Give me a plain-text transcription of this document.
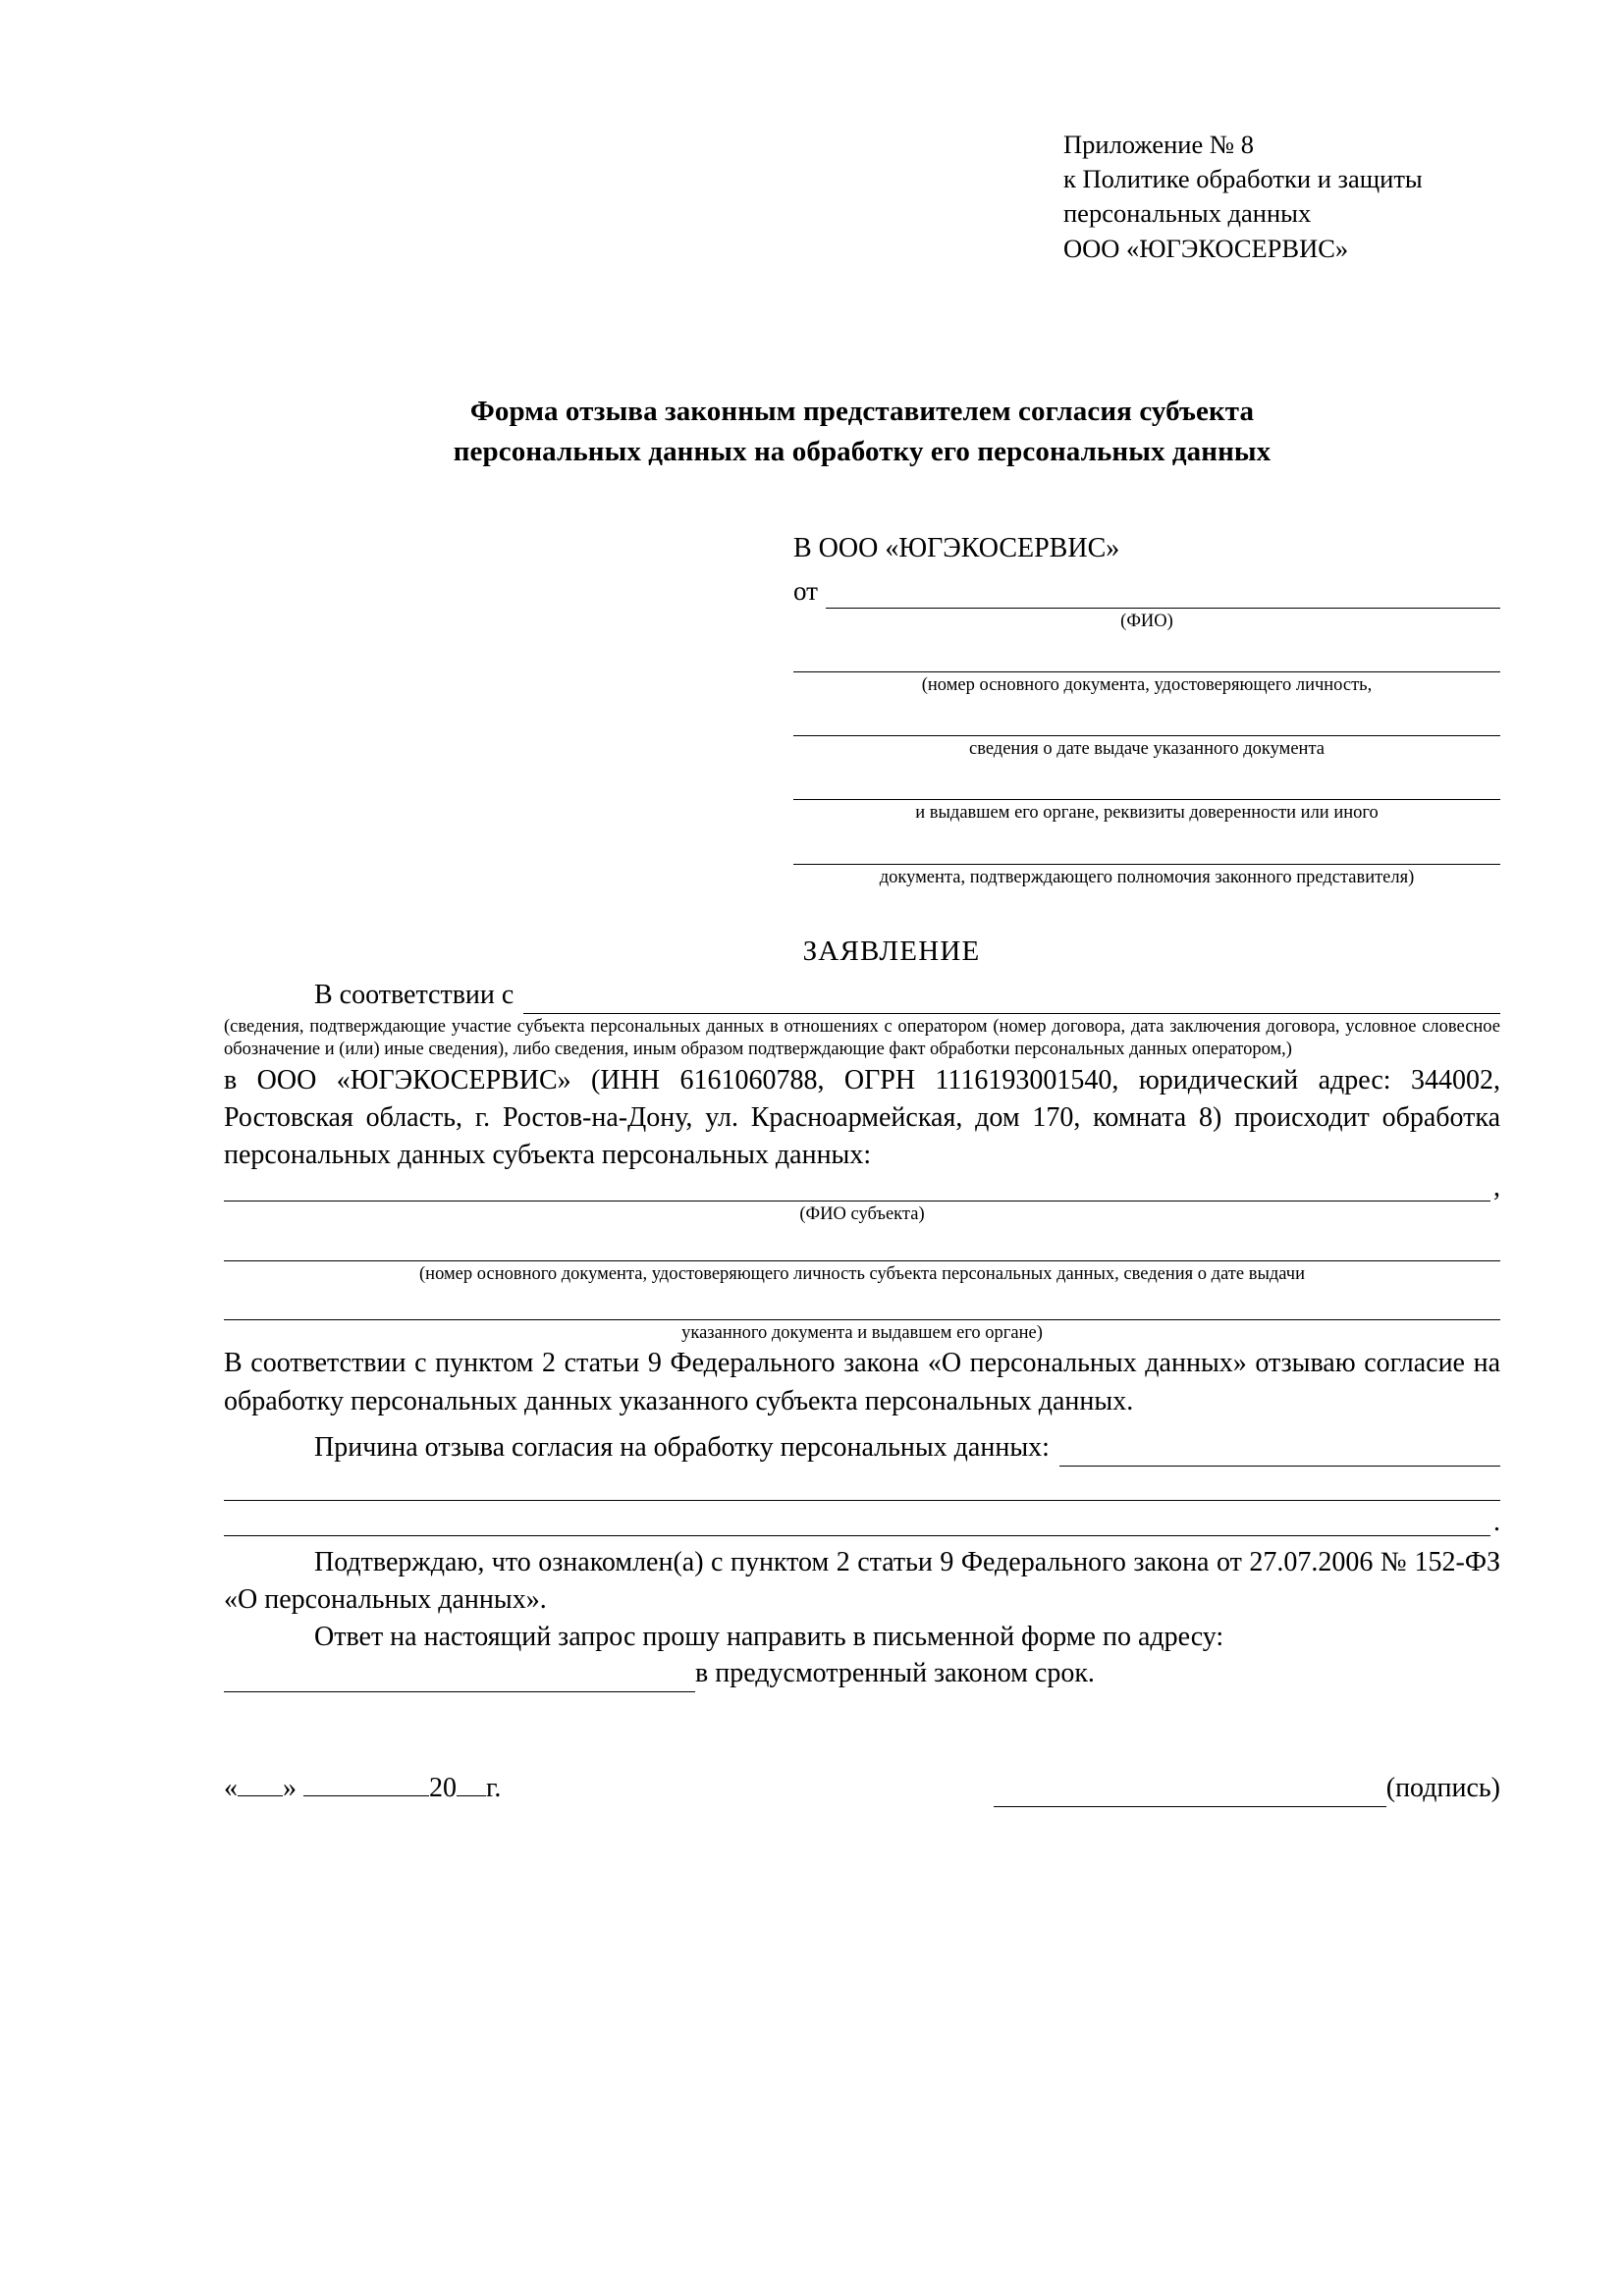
Приложение № 8
к Политике обработки и защиты
персональных данных
ООО «ЮГЭКОСЕРВИС»
Форма отзыва законным представителем согласия субъекта
персональных данных на обработку его персональных данных
В ООО «ЮГЭКОСЕРВИС»
от
(ФИО)
(номер основного документа, удостоверяющего личность,
сведения о дате выдаче указанного документа
и выдавшем его органе, реквизиты доверенности или иного
документа, подтверждающего полномочия законного представителя)
ЗАЯВЛЕНИЕ
В соответствии с
(сведения, подтверждающие участие субъекта персональных данных в отношениях с оператором (номер договора, дата заключения договора, условное словесное обозначение и (или) иные сведения), либо сведения, иным образом подтверждающие факт обработки персональных данных оператором,)
в ООО «ЮГЭКОСЕРВИС» (ИНН 6161060788, ОГРН 1116193001540, юридический адрес: 344002, Ростовская область, г. Ростов-на-Дону, ул. Красноармейская, дом 170, комната 8) происходит обработка персональных данных субъекта персональных данных:
,
(ФИО субъекта)
(номер основного документа, удостоверяющего личность субъекта персональных данных, сведения о дате выдачи
указанного документа и выдавшем его органе)
В соответствии с пунктом 2 статьи 9 Федерального закона «О персональных данных» отзываю согласие на обработку персональных данных указанного субъекта персональных данных.
Причина отзыва согласия на обработку персональных данных:
.
Подтверждаю, что ознакомлен(а) с пунктом 2 статьи 9 Федерального закона от 27.07.2006 № 152-ФЗ «О персональных данных».
Ответ на настоящий запрос прошу направить в письменной форме по адресу:
в предусмотренный законом срок.
« »	20 г.	(подпись)
